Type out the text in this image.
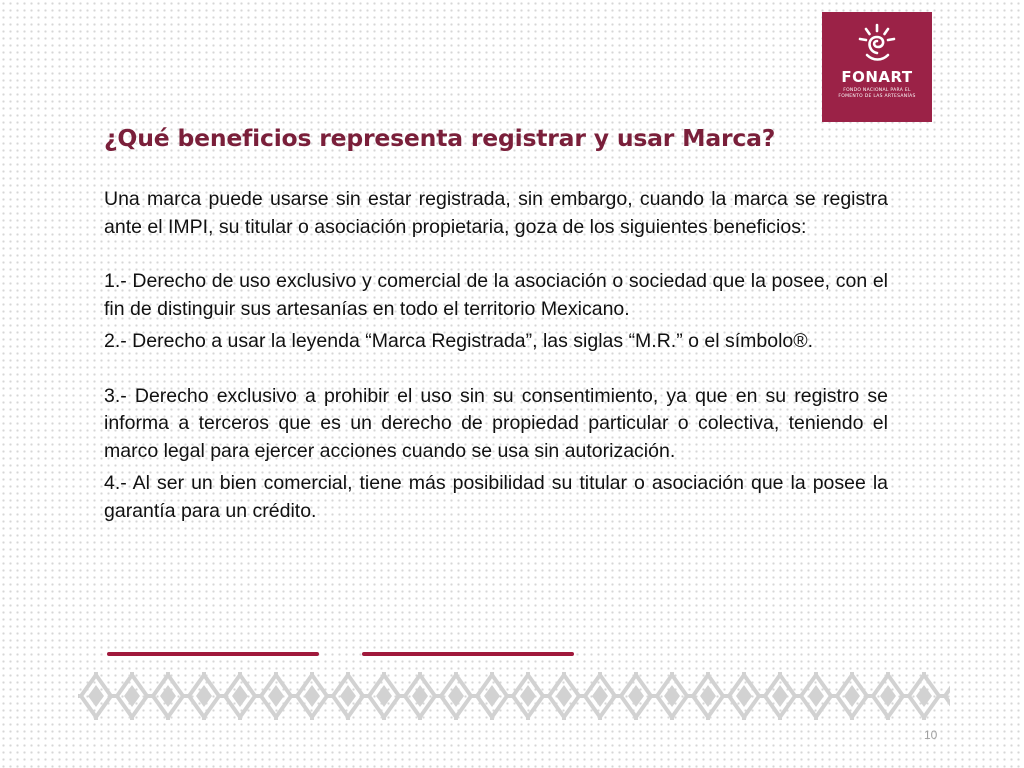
FONART
FONDO NACIONAL PARA EL FOMENTO DE LAS ARTESANÍAS
¿Qué beneficios representa registrar y usar Marca?

Una marca puede usarse sin estar registrada, sin embargo, cuando la marca se registra ante el IMPI, su titular o asociación propietaria, goza de los siguientes beneficios:

1.- Derecho de uso exclusivo y comercial de la asociación o sociedad que la posee, con el fin de distinguir sus artesanías en todo el territorio Mexicano.

2.- Derecho a usar la leyenda “Marca Registrada”, las siglas “M.R.” o el símbolo®.

3.- Derecho exclusivo a prohibir el uso sin su consentimiento, ya que en su registro se informa a terceros que es un derecho de propiedad particular o colectiva, teniendo el marco legal para ejercer acciones cuando se usa sin autorización.

4.- Al ser un bien comercial, tiene más posibilidad su titular o asociación que la posee la garantía para un crédito.

10
